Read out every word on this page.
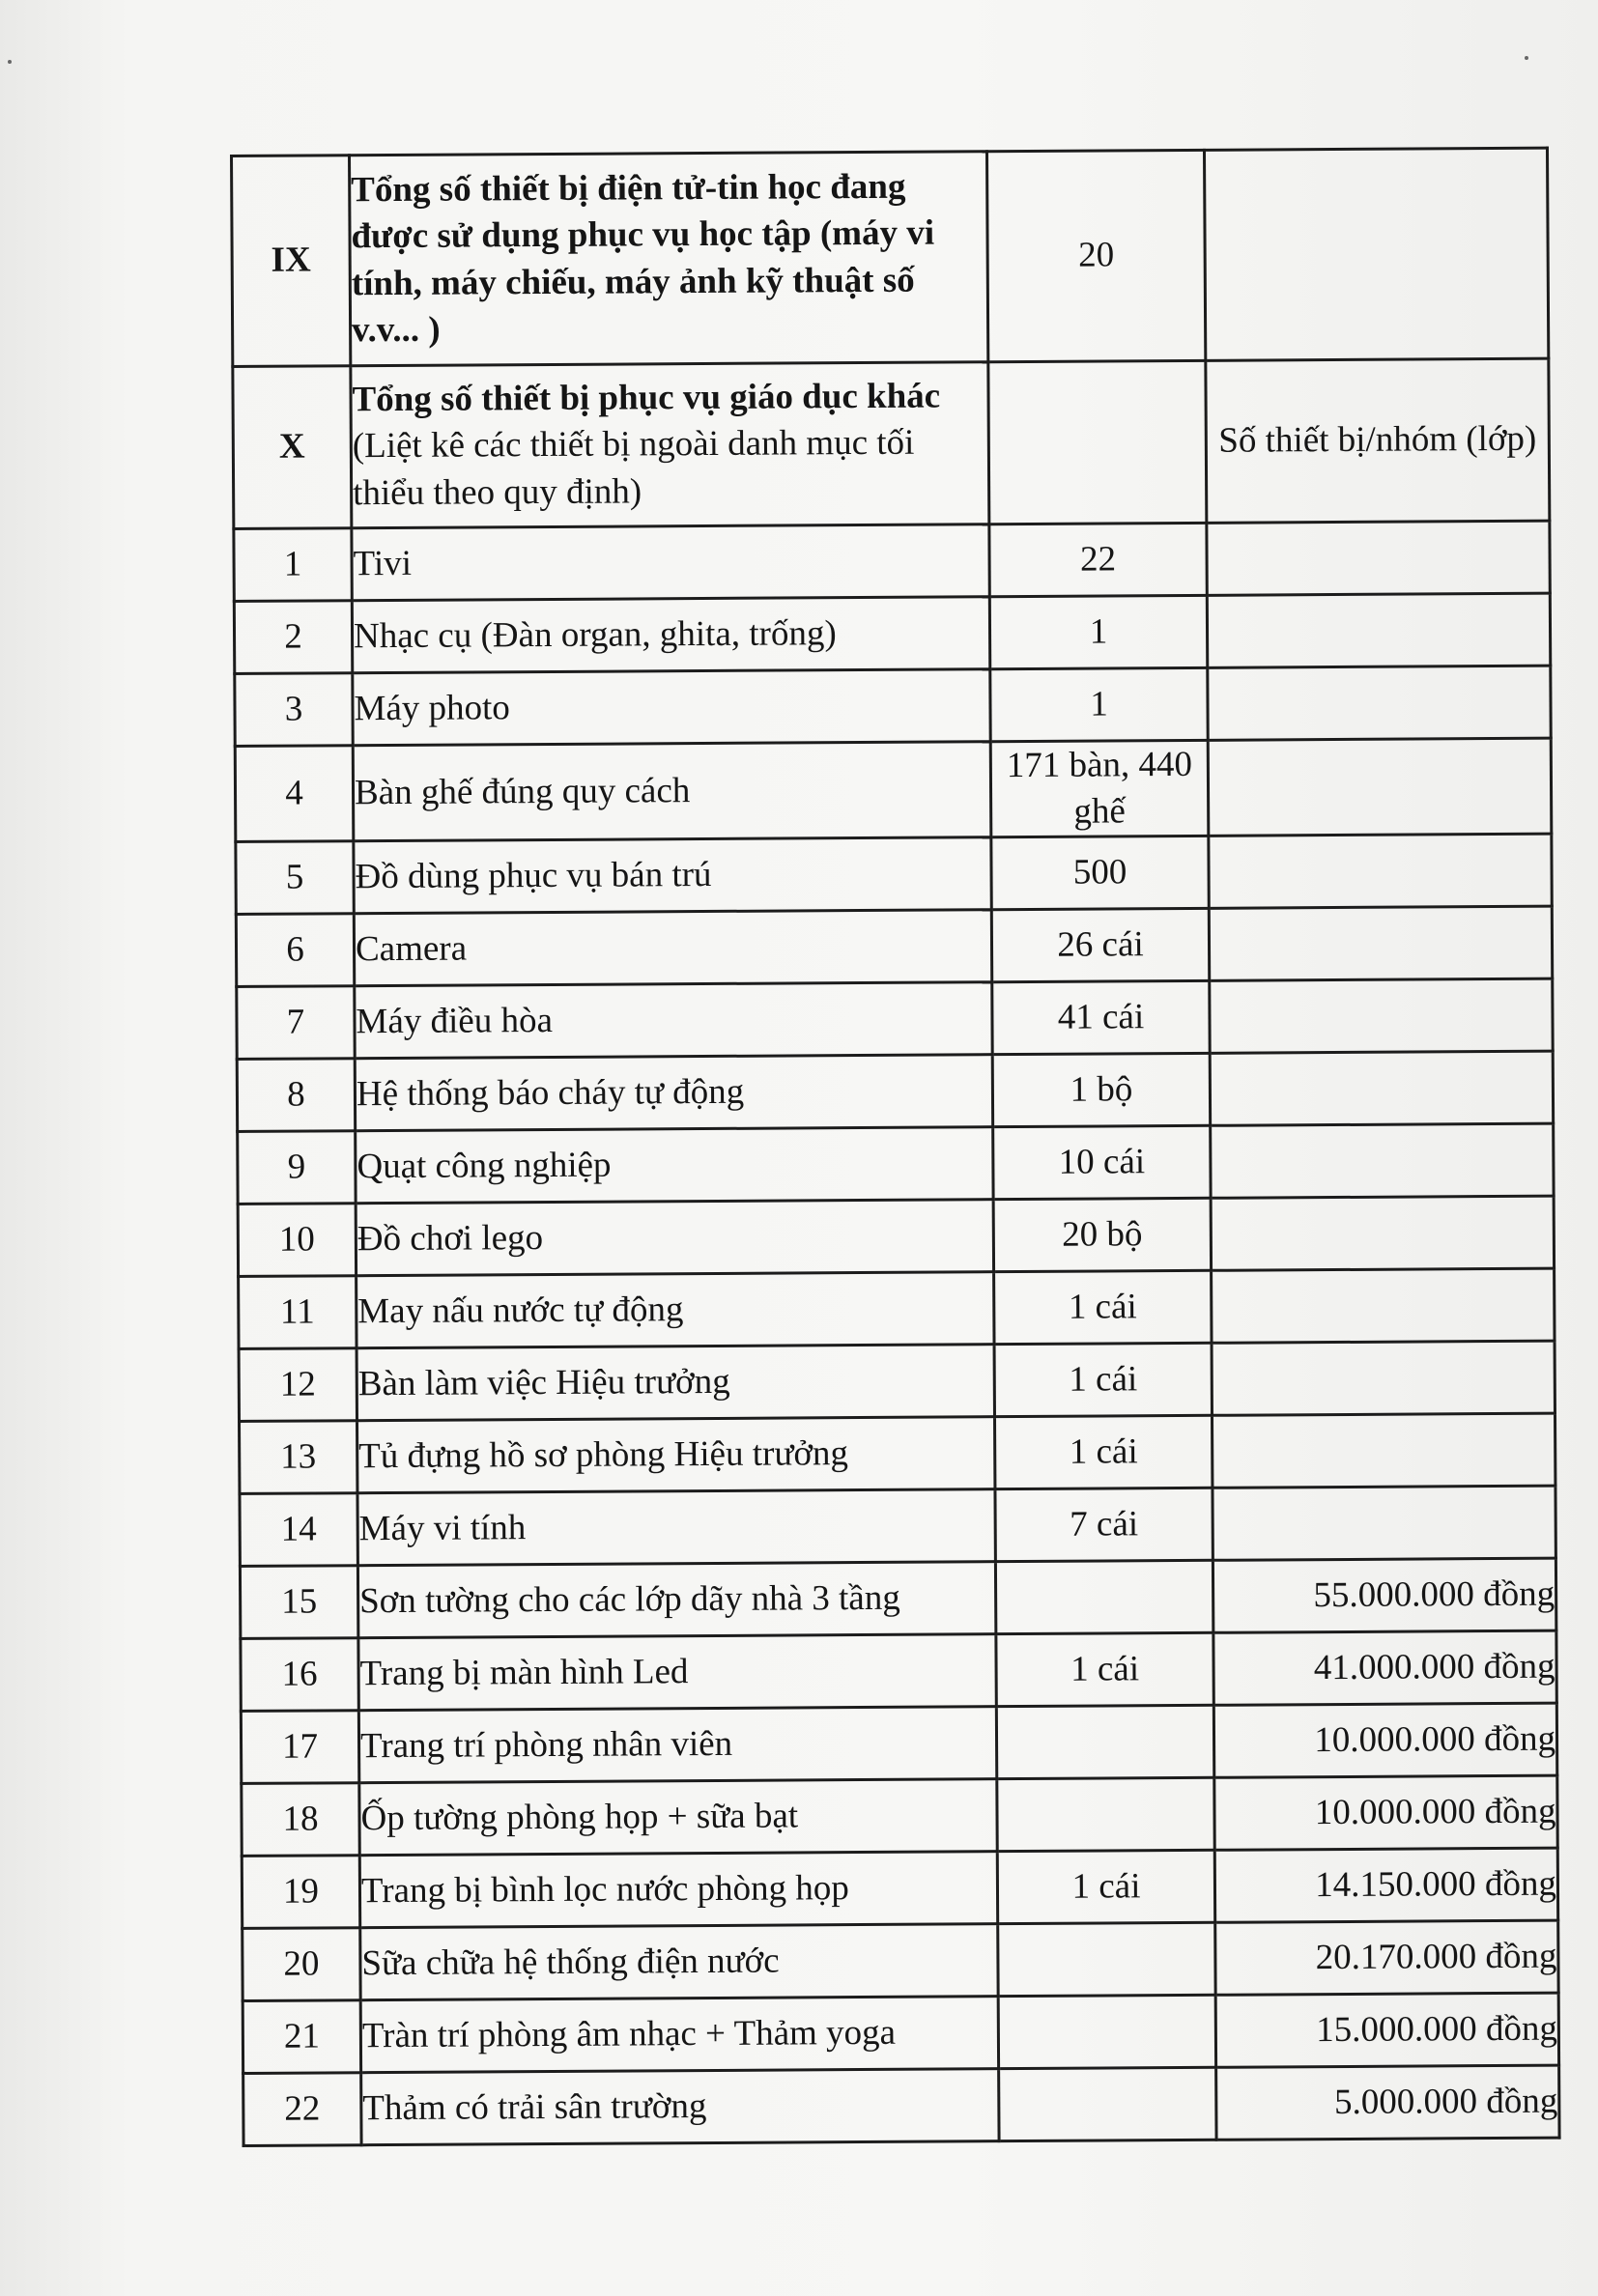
IX	Tổng số thiết bị điện tử-tin học đang được sử dụng phục vụ học tập (máy vi tính, máy chiếu, máy ảnh kỹ thuật số v.v... )	20	
X	Tổng số thiết bị phục vụ giáo dục khác (Liệt kê các thiết bị ngoài danh mục tối thiểu theo quy định)		Số thiết bị/nhóm (lớp)
1	Tivi	22	
2	Nhạc cụ (Đàn organ, ghita, trống)	1	
3	Máy photo	1	
4	Bàn ghế đúng quy cách	171 bàn, 440 ghế	
5	Đồ dùng phục vụ bán trú	500	
6	Camera	26 cái	
7	Máy điều hòa	41 cái	
8	Hệ thống báo cháy tự động	1 bộ	
9	Quạt công nghiệp	10 cái	
10	Đồ chơi lego	20 bộ	
11	May nấu nước tự động	1 cái	
12	Bàn làm việc Hiệu trưởng	1 cái	
13	Tủ đựng hồ sơ phòng Hiệu trưởng	1 cái	
14	Máy vi tính	7 cái	
15	Sơn tường cho các lớp dãy nhà 3 tầng		55.000.000 đồng
16	Trang bị màn hình Led	1 cái	41.000.000 đồng
17	Trang trí phòng nhân viên		10.000.000 đồng
18	Ốp tường phòng họp + sữa bạt		10.000.000 đồng
19	Trang bị bình lọc nước phòng họp	1 cái	14.150.000 đồng
20	Sữa chữa hệ thống điện nước		20.170.000 đồng
21	Tràn trí phòng âm nhạc + Thảm yoga		15.000.000 đồng
22	Thảm có trải sân trường		5.000.000 đồng
